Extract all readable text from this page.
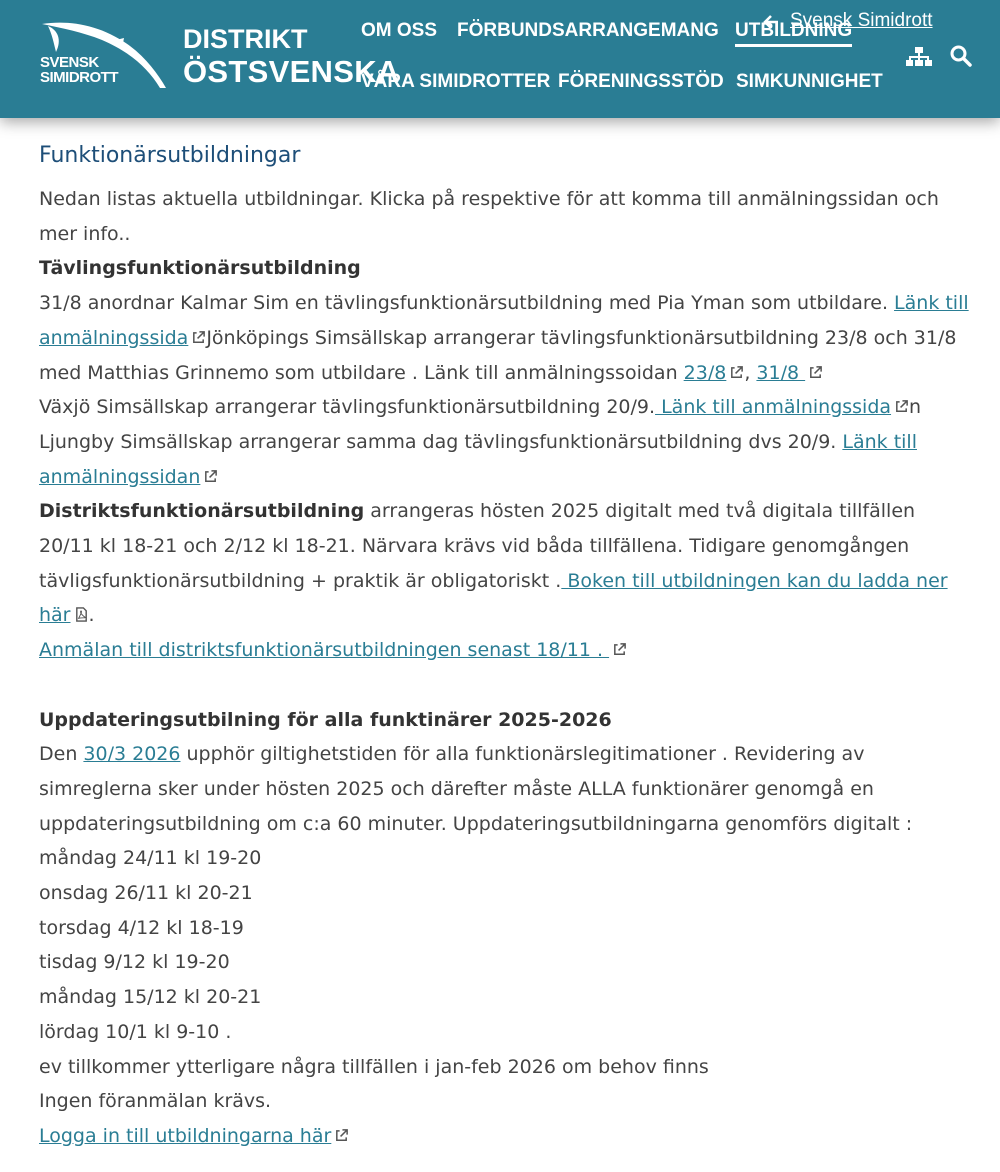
SVENSK
SIMIDROTT
DISTRIKT
ÖSTSVENSKA
OM OSS FÖRBUNDSARRANGEMANG UTBILDNING
VÅRA SIMIDROTTER FÖRENINGSSTÖD SIMKUNNIGHET
Svensk Simidrott
Funktionärsutbildningar

Nedan listas aktuella utbildningar. Klicka på respektive för att komma till anmälningssidan och mer info..

Tävlingsfunktionärsutbildning

31/8 anordnar Kalmar Sim en tävlingsfunktionärsutbildning med Pia Yman som utbildare. Länk till anmälningssida Jönköpings Simsällskap arrangerar tävlingsfunktionärsutbildning 23/8 och 31/8 med Matthias Grinnemo som utbildare . Länk till anmälningssoidan 23/8 , 31/8

Växjö Simsällskap arrangerar tävlingsfunktionärsutbildning 20/9. Länk till anmälningssida n Ljungby Simsällskap arrangerar samma dag tävlingsfunktionärsutbildning dvs 20/9. Länk till anmälningssidan

Distriktsfunktionärsutbildning arrangeras hösten 2025 digitalt med två digitala tillfällen 20/11 kl 18-21 och 2/12 kl 18-21. Närvara krävs vid båda tillfällena. Tidigare genomgången tävligsfunktionärsutbildning + praktik är obligatoriskt . Boken till utbildningen kan du ladda ner här .

Anmälan till distriktsfunktionärsutbildningen senast 18/11 .

Uppdateringsutbilning för alla funktinärer 2025-2026

Den 30/3 2026 upphör giltighetstiden för alla funktionärslegitimationer . Revidering av simreglerna sker under hösten 2025 och därefter måste ALLA funktionärer genomgå en uppdateringsutbildning om c:a 60 minuter. Uppdateringsutbildningarna genomförs digitalt :

måndag 24/11 kl 19-20

onsdag 26/11 kl 20-21

torsdag 4/12 kl 18-19

tisdag 9/12 kl 19-20

måndag 15/12 kl 20-21

lördag 10/1 kl 9-10 .

ev tillkommer ytterligare några tillfällen i jan-feb 2026 om behov finns

Ingen föranmälan krävs.

Logga in till utbildningarna här
